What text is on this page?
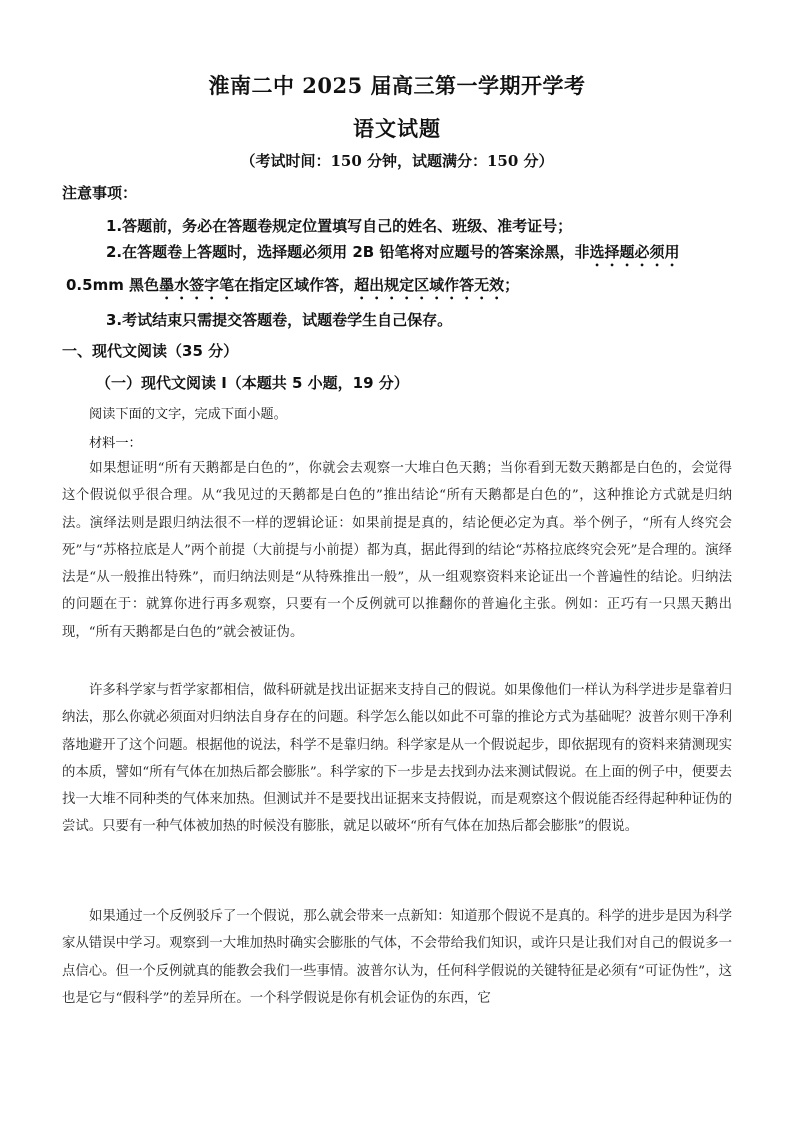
淮南二中 2025 届高三第一学期开学考
语文试题
（考试时间：150 分钟，试题满分：150 分）
注意事项：
1.答题前，务必在答题卷规定位置填写自己的姓名、班级、准考证号；
2.在答题卷上答题时，选择题必须用 2B 铅笔将对应题号的答案涂黑，非选择题必须用
0.5mm 黑色墨水签字笔在指定区域作答，超出规定区域作答无效；
3.考试结束只需提交答题卷，试题卷学生自己保存。
一、现代文阅读（35 分）
（一）现代文阅读 I（本题共 5 小题，19 分）
阅读下面的文字，完成下面小题。
材料一：

如果想证明“所有天鹅都是白色的”，你就会去观察一大堆白色天鹅；当你看到无数天鹅都是白色的，会觉得这个假说似乎很合理。从“我见过的天鹅都是白色的”推出结论“所有天鹅都是白色的”，这种推论方式就是归纳法。演绎法则是跟归纳法很不一样的逻辑论证：如果前提是真的，结论便必定为真。举个例子，“所有人终究会死”与“苏格拉底是人”两个前提（大前提与小前提）都为真，据此得到的结论“苏格拉底终究会死”是合理的。演绎法是“从一般推出特殊”，而归纳法则是“从特殊推出一般”，从一组观察资料来论证出一个普遍性的结论。归纳法的问题在于：就算你进行再多观察，只要有一个反例就可以推翻你的普遍化主张。例如：正巧有一只黑天鹅出现，“所有天鹅都是白色的”就会被证伪。

许多科学家与哲学家都相信，做科研就是找出证据来支持自己的假说。如果像他们一样认为科学进步是靠着归纳法，那么你就必须面对归纳法自身存在的问题。科学怎么能以如此不可靠的推论方式为基础呢？波普尔则干净利落地避开了这个问题。根据他的说法，科学不是靠归纳。科学家是从一个假说起步，即依据现有的资料来猜测现实的本质，譬如“所有气体在加热后都会膨胀”。科学家的下一步是去找到办法来测试假说。在上面的例子中，便要去找一大堆不同种类的气体来加热。但测试并不是要找出证据来支持假说，而是观察这个假说能否经得起种种证伪的尝试。只要有一种气体被加热的时候没有膨胀，就足以破坏“所有气体在加热后都会膨胀”的假说。

如果通过一个反例驳斥了一个假说，那么就会带来一点新知：知道那个假说不是真的。科学的进步是因为科学家从错误中学习。观察到一大堆加热时确实会膨胀的气体，不会带给我们知识，或许只是让我们对自己的假说多一点信心。但一个反例就真的能教会我们一些事情。波普尔认为，任何科学假说的关键特征是必须有“可证伪性”，这也是它与“假科学”的差异所在。一个科学假说是你有机会证伪的东西，它
